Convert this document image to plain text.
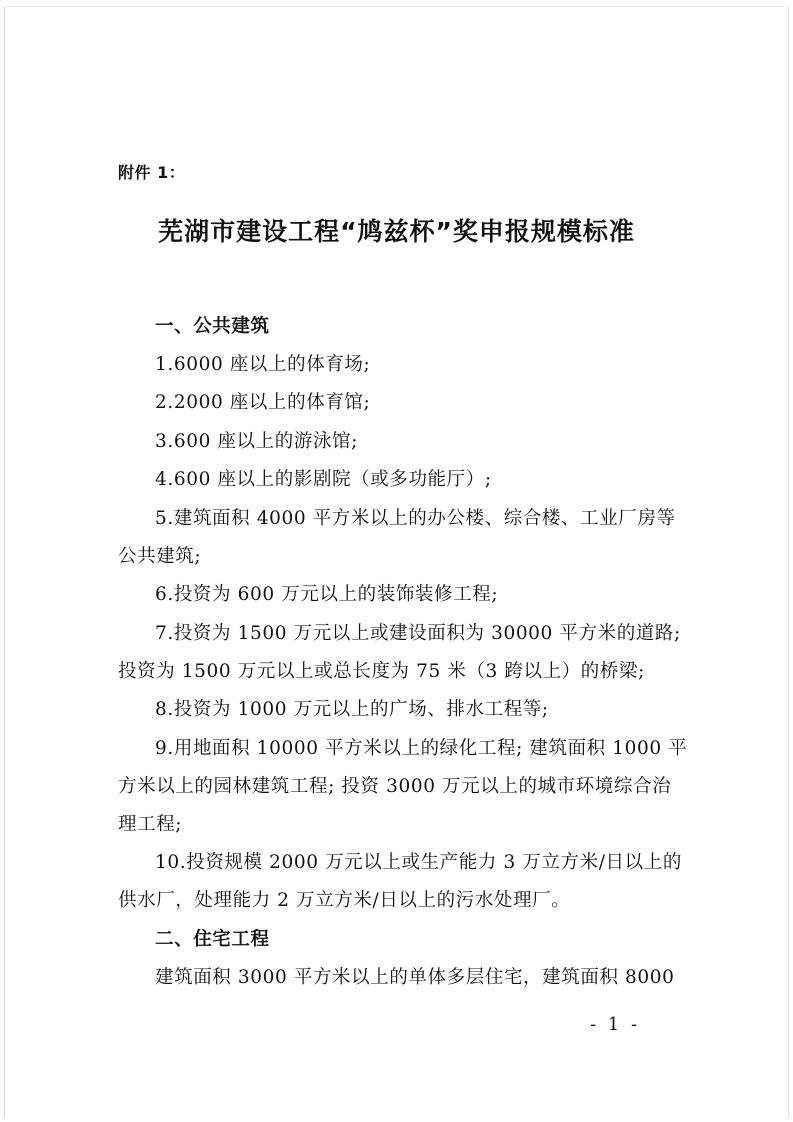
附件 1：
芜湖市建设工程“鸠兹杯”奖申报规模标准
一、公共建筑
1.6000 座以上的体育场;
2.2000 座以上的体育馆;
3.600 座以上的游泳馆;
4.600 座以上的影剧院（或多功能厅）;
5.建筑面积 4000 平方米以上的办公楼、综合楼、工业厂房等
公共建筑;
6.投资为 600 万元以上的装饰装修工程;
7.投资为 1500 万元以上或建设面积为 30000 平方米的道路;
投资为 1500 万元以上或总长度为 75 米（3 跨以上）的桥梁;
8.投资为 1000 万元以上的广场、排水工程等;
9.用地面积 10000 平方米以上的绿化工程; 建筑面积 1000 平
方米以上的园林建筑工程; 投资 3000 万元以上的城市环境综合治
理工程;
10.投资规模 2000 万元以上或生产能力 3 万立方米/日以上的
供水厂，处理能力 2 万立方米/日以上的污水处理厂。
二、住宅工程
建筑面积 3000 平方米以上的单体多层住宅，建筑面积 8000
- 1 -
